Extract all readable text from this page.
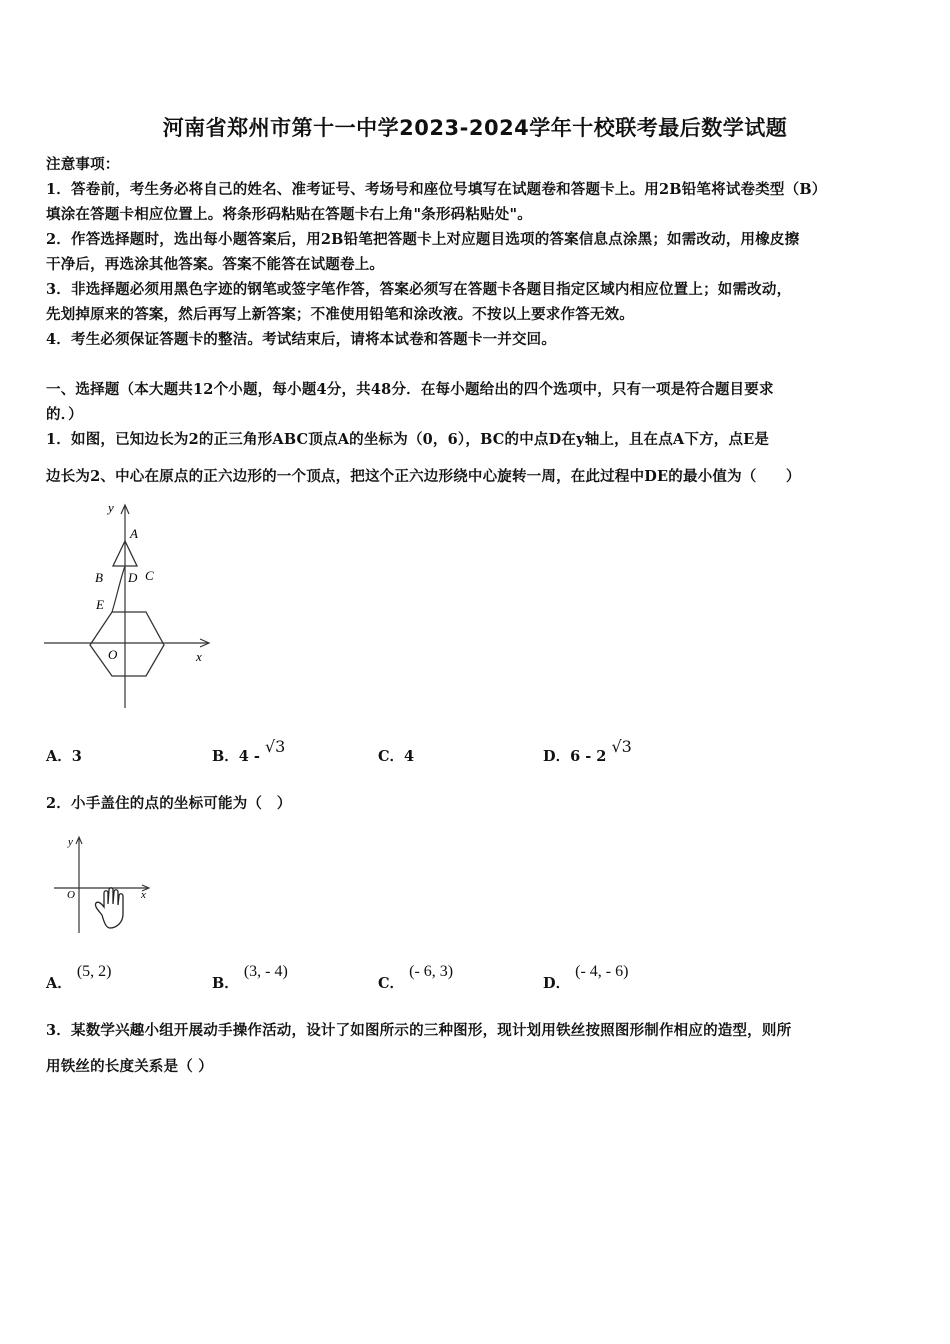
河南省郑州市第十一中学2023-2024学年十校联考最后数学试题
注意事项：
1．答卷前，考生务必将自己的姓名、准考证号、考场号和座位号填写在试题卷和答题卡上。用2B铅笔将试卷类型（B）
填涂在答题卡相应位置上。将条形码粘贴在答题卡右上角"条形码粘贴处"。
2．作答选择题时，选出每小题答案后，用2B铅笔把答题卡上对应题目选项的答案信息点涂黑；如需改动，用橡皮擦
干净后，再选涂其他答案。答案不能答在试题卷上。
3．非选择题必须用黑色字迹的钢笔或签字笔作答，答案必须写在答题卡各题目指定区域内相应位置上；如需改动，
先划掉原来的答案，然后再写上新答案；不准使用铅笔和涂改液。不按以上要求作答无效。
4．考生必须保证答题卡的整洁。考试结束后，请将本试卷和答题卡一并交回。
一、选择题（本大题共12个小题，每小题4分，共48分．在每小题给出的四个选项中，只有一项是符合题目要求
的．）
1．如图，已知边长为2的正三角形ABC顶点A的坐标为（0，6），BC的中点D在y轴上，且在点A下方，点E是
边长为2、中心在原点的正六边形的一个顶点，把这个正六边形绕中心旋转一周，在此过程中DE的最小值为（　　）
y
A
B D C
E
O	x
A．3	B．4 - √3
C．4	D．6 - 2 √3
2．小手盖住的点的坐标可能为（　）
y
O	x
A． (5, 2)
B． (3, - 4)
C． (- 6, 3)
D． (- 4, - 6)
3．某数学兴趣小组开展动手操作活动，设计了如图所示的三种图形，现计划用铁丝按照图形制作相应的造型，则所
用铁丝的长度关系是（ ）
